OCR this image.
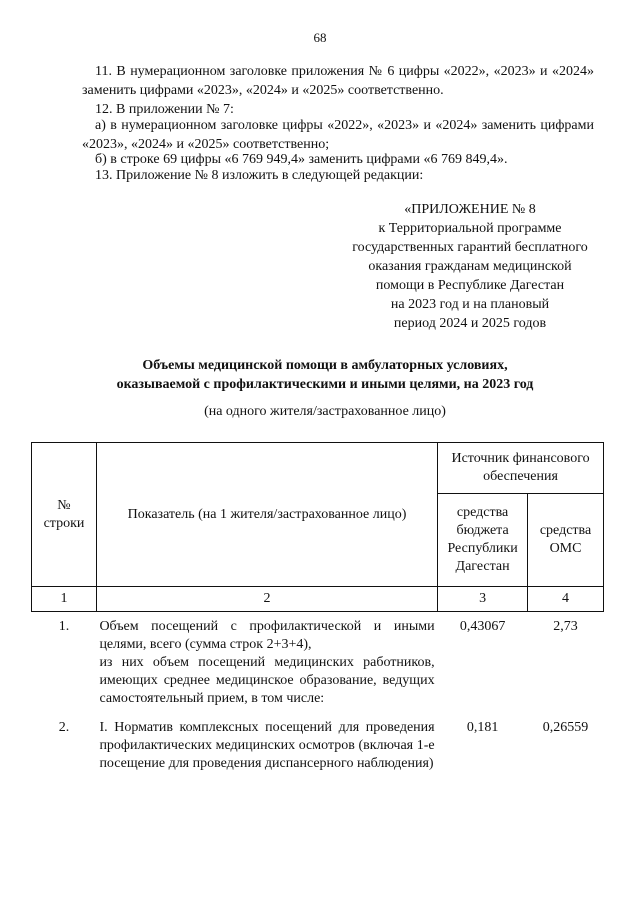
68
11. В нумерационном заголовке приложения № 6 цифры «2022», «2023» и «2024» заменить цифрами «2023», «2024» и «2025» соответственно.
12. В приложении № 7:
а) в нумерационном заголовке цифры «2022», «2023» и «2024» заменить цифрами «2023», «2024» и «2025» соответственно;
б) в строке 69 цифры «6 769 949,4» заменить цифрами «6 769 849,4».
13. Приложение № 8 изложить в следующей редакции:
«ПРИЛОЖЕНИЕ № 8
к Территориальной программе
государственных гарантий бесплатного
оказания гражданам медицинской
помощи в Республике Дагестан
на 2023 год и на плановый
период 2024 и 2025 годов
Объемы медицинской помощи в амбулаторных условиях,
оказываемой с профилактическими и иными целями, на 2023 год
(на одного жителя/застрахованное лицо)
№ строки	Показатель (на 1 жителя/застрахованное лицо)	Источник финансового обеспечения	
		средства бюджета Республики Дагестан	средства ОМС
1	2	3	4
1.	Объем посещений с профилактической и иными целями, всего (сумма строк 2+3+4),
из них объем посещений медицинских работников, имеющих среднее медицинское образование, ведущих самостоятельный прием, в том числе:	0,43067	2,73
2.	I. Норматив комплексных посещений для проведения профилактических медицинских осмотров (включая 1-е посещение для проведения диспансерного наблюдения)	0,181	0,26559
